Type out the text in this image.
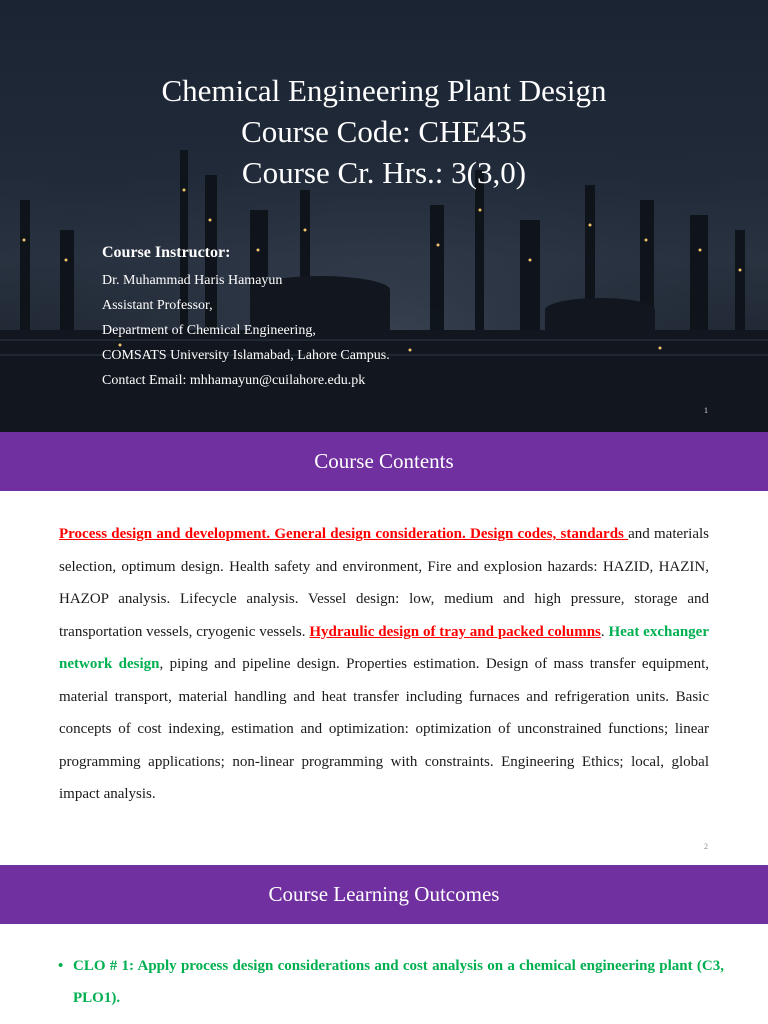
Chemical Engineering Plant Design
Course Code: CHE435
Course Cr. Hrs.: 3(3,0)
Course Instructor:
Dr. Muhammad Haris Hamayun
Assistant Professor,
Department of Chemical Engineering,
COMSATS University Islamabad, Lahore Campus.
Contact Email: mhhamayun@cuilahore.edu.pk
1
Course Contents
Process design and development. General design consideration. Design codes, standards and materials selection, optimum design. Health safety and environment, Fire and explosion hazards: HAZID, HAZIN, HAZOP analysis. Lifecycle analysis. Vessel design: low, medium and high pressure, storage and transportation vessels, cryogenic vessels. Hydraulic design of tray and packed columns. Heat exchanger network design, piping and pipeline design. Properties estimation. Design of mass transfer equipment, material transport, material handling and heat transfer including furnaces and refrigeration units. Basic concepts of cost indexing, estimation and optimization: optimization of unconstrained functions; linear programming applications; non-linear programming with constraints. Engineering Ethics; local, global impact analysis.
2
Course Learning Outcomes
• CLO # 1: Apply process design considerations and cost analysis on a chemical engineering plant (C3, PLO1).
